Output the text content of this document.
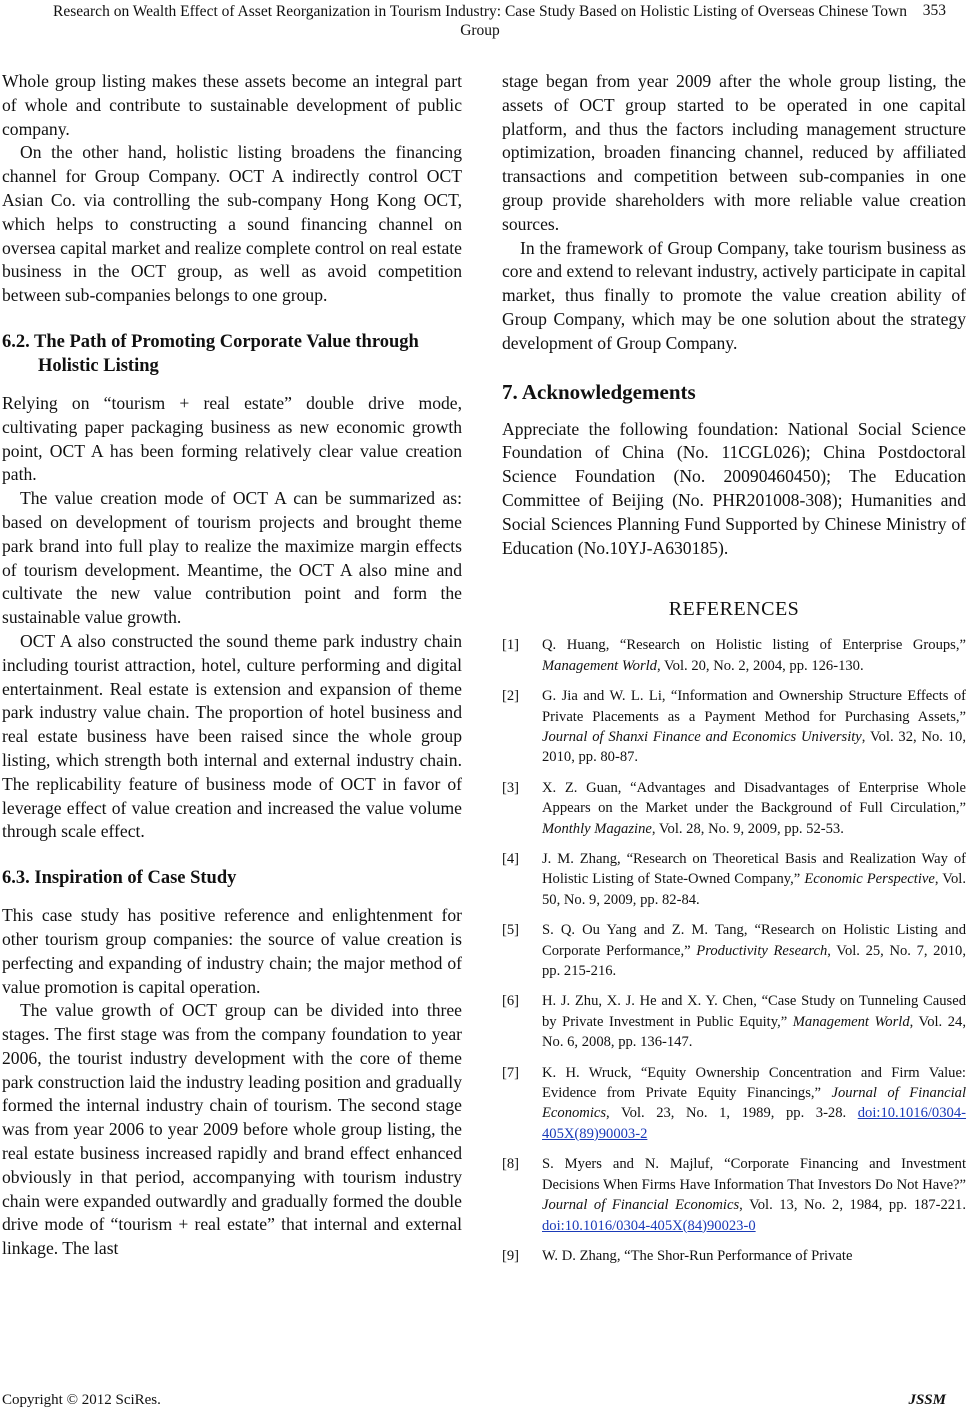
Research on Wealth Effect of Asset Reorganization in Tourism Industry: Case Study Based on Holistic Listing of Overseas Chinese Town Group
353

Whole group listing makes these assets become an integral part of whole and contribute to sustainable development of public company.

On the other hand, holistic listing broadens the financing channel for Group Company. OCT A indirectly control OCT Asian Co. via controlling the sub-company Hong Kong OCT, which helps to constructing a sound financing channel on oversea capital market and realize complete control on real estate business in the OCT group, as well as avoid competition between sub-companies belongs to one group.

6.2. The Path of Promoting Corporate Value through Holistic Listing

Relying on “tourism + real estate” double drive mode, cultivating paper packaging business as new economic growth point, OCT A has been forming relatively clear value creation path.

The value creation mode of OCT A can be summarized as: based on development of tourism projects and brought theme park brand into full play to realize the maximize margin effects of tourism development. Meantime, the OCT A also mine and cultivate the new value contribution point and form the sustainable value growth.

OCT A also constructed the sound theme park industry chain including tourist attraction, hotel, culture performing and digital entertainment. Real estate is extension and expansion of theme park industry value chain. The proportion of hotel business and real estate business have been raised since the whole group listing, which strength both internal and external industry chain. The replicability feature of business mode of OCT in favor of leverage effect of value creation and increased the value volume through scale effect.

6.3. Inspiration of Case Study

This case study has positive reference and enlightenment for other tourism group companies: the source of value creation is perfecting and expanding of industry chain; the major method of value promotion is capital operation.

The value growth of OCT group can be divided into three stages. The first stage was from the company foundation to year 2006, the tourist industry development with the core of theme park construction laid the industry leading position and gradually formed the internal industry chain of tourism. The second stage was from year 2006 to year 2009 before whole group listing, the real estate business increased rapidly and brand effect enhanced obviously in that period, accompanying with tourism industry chain were expanded outwardly and gradually formed the double drive mode of “tourism + real estate” that internal and external linkage. The last

stage began from year 2009 after the whole group listing, the assets of OCT group started to be operated in one capital platform, and thus the factors including management structure optimization, broaden financing channel, reduced by affiliated transactions and competition between sub-companies in one group provide shareholders with more reliable value creation sources.

In the framework of Group Company, take tourism business as core and extend to relevant industry, actively participate in capital market, thus finally to promote the value creation ability of Group Company, which may be one solution about the strategy development of Group Company.

7. Acknowledgements

Appreciate the following foundation: National Social Science Foundation of China (No. 11CGL026); China Postdoctoral Science Foundation (No. 20090460450); The Education Committee of Beijing (No. PHR201008-308); Humanities and Social Sciences Planning Fund Supported by Chinese Ministry of Education (No.10YJ-A630185).

REFERENCES
[1] Q. Huang, “Research on Holistic listing of Enterprise Groups,” Management World, Vol. 20, No. 2, 2004, pp. 126-130.
[2] G. Jia and W. L. Li, “Information and Ownership Structure Effects of Private Placements as a Payment Method for Purchasing Assets,” Journal of Shanxi Finance and Economics University, Vol. 32, No. 10, 2010, pp. 80-87.
[3] X. Z. Guan, “Advantages and Disadvantages of Enterprise Whole Appears on the Market under the Background of Full Circulation,” Monthly Magazine, Vol. 28, No. 9, 2009, pp. 52-53.
[4] J. M. Zhang, “Research on Theoretical Basis and Realization Way of Holistic Listing of State-Owned Company,” Economic Perspective, Vol. 50, No. 9, 2009, pp. 82-84.
[5] S. Q. Ou Yang and Z. M. Tang, “Research on Holistic Listing and Corporate Performance,” Productivity Research, Vol. 25, No. 7, 2010, pp. 215-216.
[6] H. J. Zhu, X. J. He and X. Y. Chen, “Case Study on Tunneling Caused by Private Investment in Public Equity,” Management World, Vol. 24, No. 6, 2008, pp. 136-147.
[7] K. H. Wruck, “Equity Ownership Concentration and Firm Value: Evidence from Private Equity Financings,” Journal of Financial Economics, Vol. 23, No. 1, 1989, pp. 3-28. doi:10.1016/0304-405X(89)90003-2
[8] S. Myers and N. Majluf, “Corporate Financing and Investment Decisions When Firms Have Information That Investors Do Not Have?” Journal of Financial Economics, Vol. 13, No. 2, 1984, pp. 187-221. doi:10.1016/0304-405X(84)90023-0
[9] W. D. Zhang, “The Shor-Run Performance of Private
Copyright © 2012 SciRes.	JSSM
